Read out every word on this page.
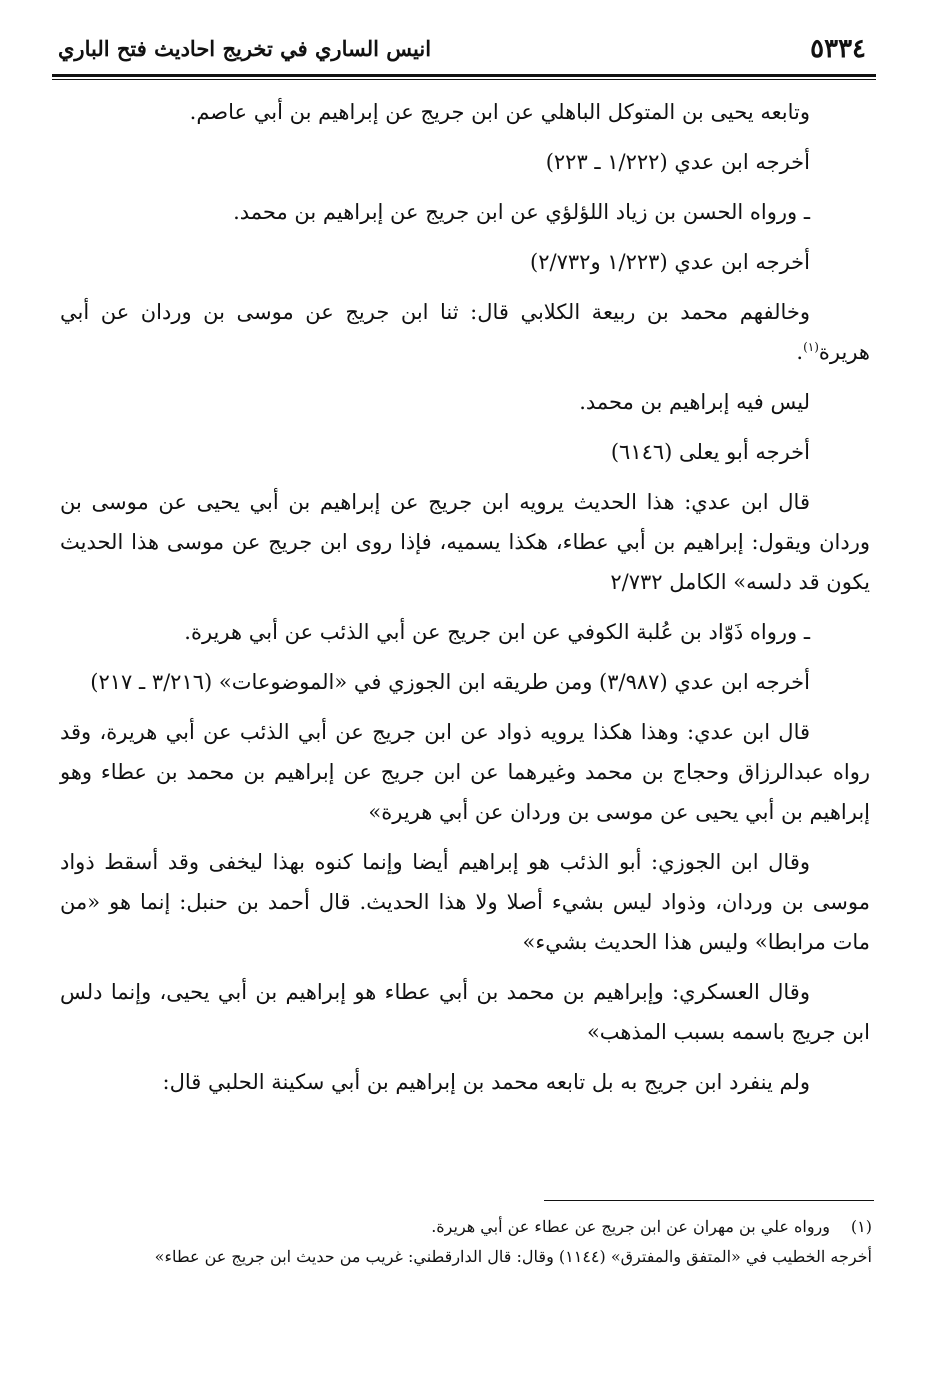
٥٣٣٤
انيس الساري في تخريج احاديث فتح الباري

وتابعه يحيى بن المتوكل الباهلي عن ابن جريج عن إبراهيم بن أبي عاصم.

أخرجه ابن عدي (١/٢٢٢ ـ ٢٢٣)

ـ ورواه الحسن بن زياد اللؤلؤي عن ابن جريج عن إبراهيم بن محمد.

أخرجه ابن عدي (١/٢٢٣ و٢/٧٣٢)

وخالفهم محمد بن ربيعة الكلابي قال: ثنا ابن جريج عن موسى بن وردان عن أبي هريرة$^{(١)}$.

ليس فيه إبراهيم بن محمد.

أخرجه أبو يعلى (٦١٤٦)

قال ابن عدي: هذا الحديث يرويه ابن جريج عن إبراهيم بن أبي يحيى عن موسى بن وردان ويقول: إبراهيم بن أبي عطاء، هكذا يسميه، فإذا روى ابن جريج عن موسى هذا الحديث يكون قد دلسه» الكامل ٢/٧٣٢

ـ ورواه ذَوّاد بن عُلبة الكوفي عن ابن جريج عن أبي الذئب عن أبي هريرة.

أخرجه ابن عدي (٣/٩٨٧) ومن طريقه ابن الجوزي في «الموضوعات» (٣/٢١٦ ـ ٢١٧)

قال ابن عدي: وهذا هكذا يرويه ذواد عن ابن جريج عن أبي الذئب عن أبي هريرة، وقد رواه عبدالرزاق وحجاج بن محمد وغيرهما عن ابن جريج عن إبراهيم بن محمد بن عطاء وهو إبراهيم بن أبي يحيى عن موسى بن وردان عن أبي هريرة»

وقال ابن الجوزي: أبو الذئب هو إبراهيم أيضا وإنما كنوه بهذا ليخفى وقد أسقط ذواد موسى بن وردان، وذواد ليس بشيء أصلا ولا هذا الحديث. قال أحمد بن حنبل: إنما هو «من مات مرابطا» وليس هذا الحديث بشيء»

وقال العسكري: وإبراهيم بن محمد بن أبي عطاء هو إبراهيم بن أبي يحيى، وإنما دلس ابن جريج باسمه بسبب المذهب»

ولم ينفرد ابن جريج به بل تابعه محمد بن إبراهيم بن أبي سكينة الحلبي قال:

(١)ورواه علي بن مهران عن ابن جريج عن عطاء عن أبي هريرة.

أخرجه الخطيب في «المتفق والمفترق» (١١٤٤) وقال: قال الدارقطني: غريب من حديث ابن جريج عن عطاء»
